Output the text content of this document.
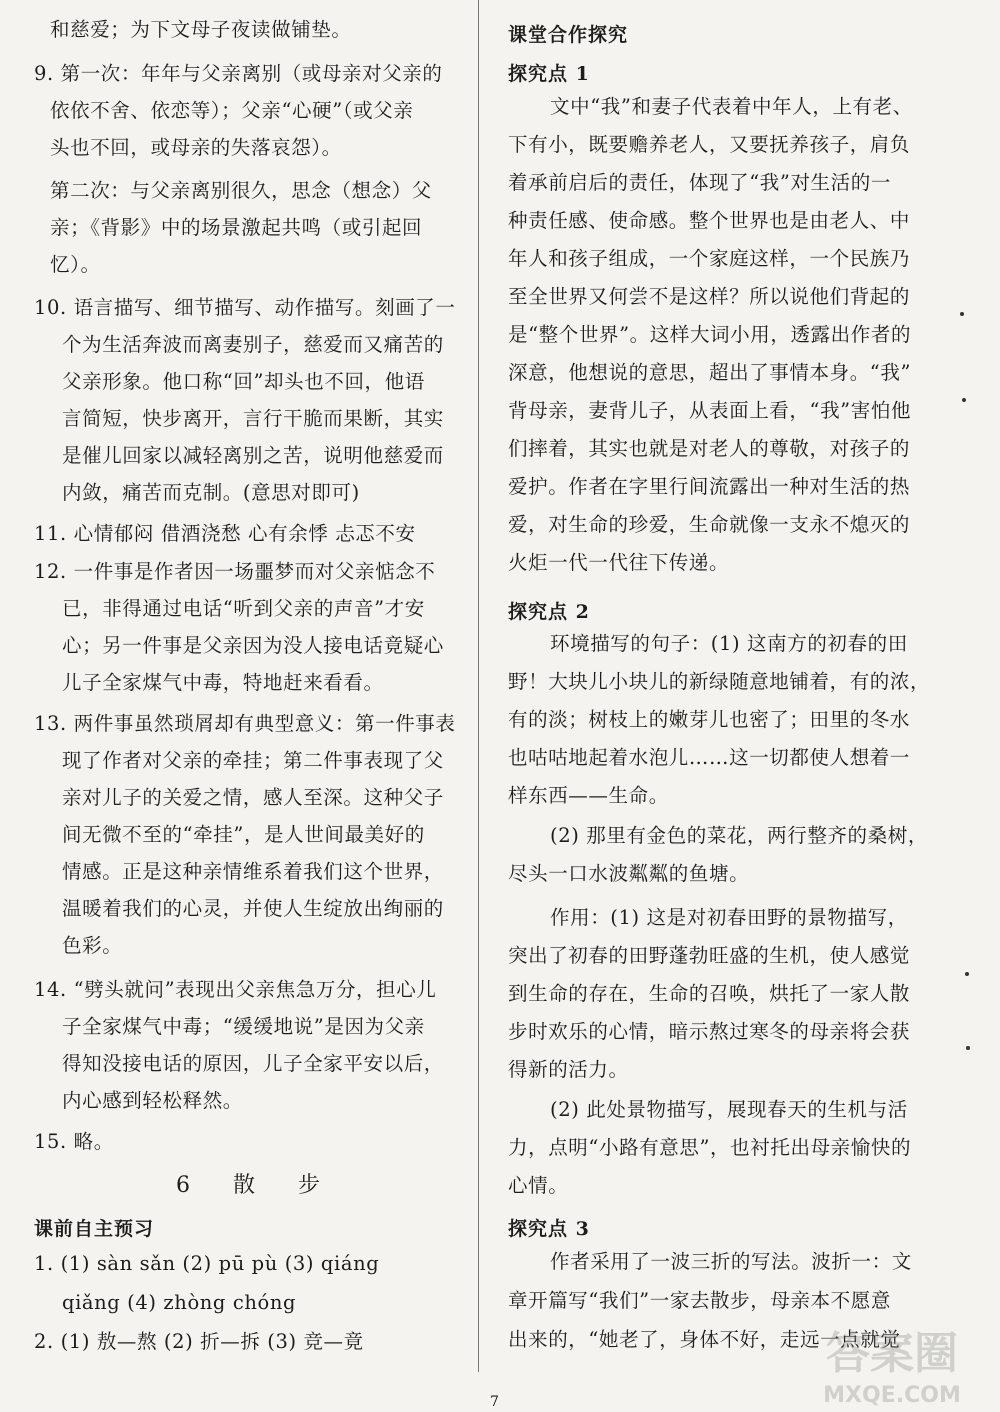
和慈爱；为下文母子夜读做铺垫。
9. 第一次：年年与父亲离别（或母亲对父亲的
依依不舍、依恋等）；父亲“心硬”（或父亲
头也不回，或母亲的失落哀怨）。
第二次：与父亲离别很久，思念（想念）父
亲；《背影》中的场景激起共鸣（或引起回
忆）。
10. 语言描写、细节描写、动作描写。刻画了一
个为生活奔波而离妻别子，慈爱而又痛苦的
父亲形象。他口称“回”却头也不回，他语
言简短，快步离开，言行干脆而果断，其实
是催儿回家以减轻离别之苦，说明他慈爱而
内敛，痛苦而克制。(意思对即可)
11. 心情郁闷 借酒浇愁 心有余悸 忐忑不安
12. 一件事是作者因一场噩梦而对父亲惦念不
已，非得通过电话“听到父亲的声音”才安
心；另一件事是父亲因为没人接电话竟疑心
儿子全家煤气中毒，特地赶来看看。
13. 两件事虽然琐屑却有典型意义：第一件事表
现了作者对父亲的牵挂；第二件事表现了父
亲对儿子的关爱之情，感人至深。这种父子
间无微不至的“牵挂”，是人世间最美好的
情感。正是这种亲情维系着我们这个世界，
温暖着我们的心灵，并使人生绽放出绚丽的
色彩。
14. “劈头就问”表现出父亲焦急万分，担心儿
子全家煤气中毒；“缓缓地说”是因为父亲
得知没接电话的原因，儿子全家平安以后，
内心感到轻松释然。
15. 略。
6 散 步
课前自主预习
1. (1) sàn sǎn (2) pū pù (3) qiáng
qiǎng (4) zhòng chóng
2. (1) 敖—熬 (2) 折—拆 (3) 竞—竟
课堂合作探究
探究点 1
文中“我”和妻子代表着中年人，上有老、
下有小，既要赡养老人，又要抚养孩子，肩负
着承前启后的责任，体现了“我”对生活的一
种责任感、使命感。整个世界也是由老人、中
年人和孩子组成，一个家庭这样，一个民族乃
至全世界又何尝不是这样？所以说他们背起的
是“整个世界”。这样大词小用，透露出作者的
深意，他想说的意思，超出了事情本身。“我”
背母亲，妻背儿子，从表面上看，“我”害怕他
们摔着，其实也就是对老人的尊敬，对孩子的
爱护。作者在字里行间流露出一种对生活的热
爱，对生命的珍爱，生命就像一支永不熄灭的
火炬一代一代往下传递。
探究点 2
环境描写的句子：(1) 这南方的初春的田
野！大块儿小块儿的新绿随意地铺着，有的浓，
有的淡；树枝上的嫩芽儿也密了；田里的冬水
也咕咕地起着水泡儿……这一切都使人想着一
样东西——生命。
(2) 那里有金色的菜花，两行整齐的桑树，
尽头一口水波粼粼的鱼塘。
作用：(1) 这是对初春田野的景物描写，
突出了初春的田野蓬勃旺盛的生机，使人感觉
到生命的存在，生命的召唤，烘托了一家人散
步时欢乐的心情，暗示熬过寒冬的母亲将会获
得新的活力。
(2) 此处景物描写，展现春天的生机与活
力，点明“小路有意思”，也衬托出母亲愉快的
心情。
探究点 3
作者采用了一波三折的写法。波折一：文
章开篇写“我们”一家去散步，母亲本不愿意
出来的，“她老了，身体不好，走远一点就觉
7
答案圈
MXQE.COM
